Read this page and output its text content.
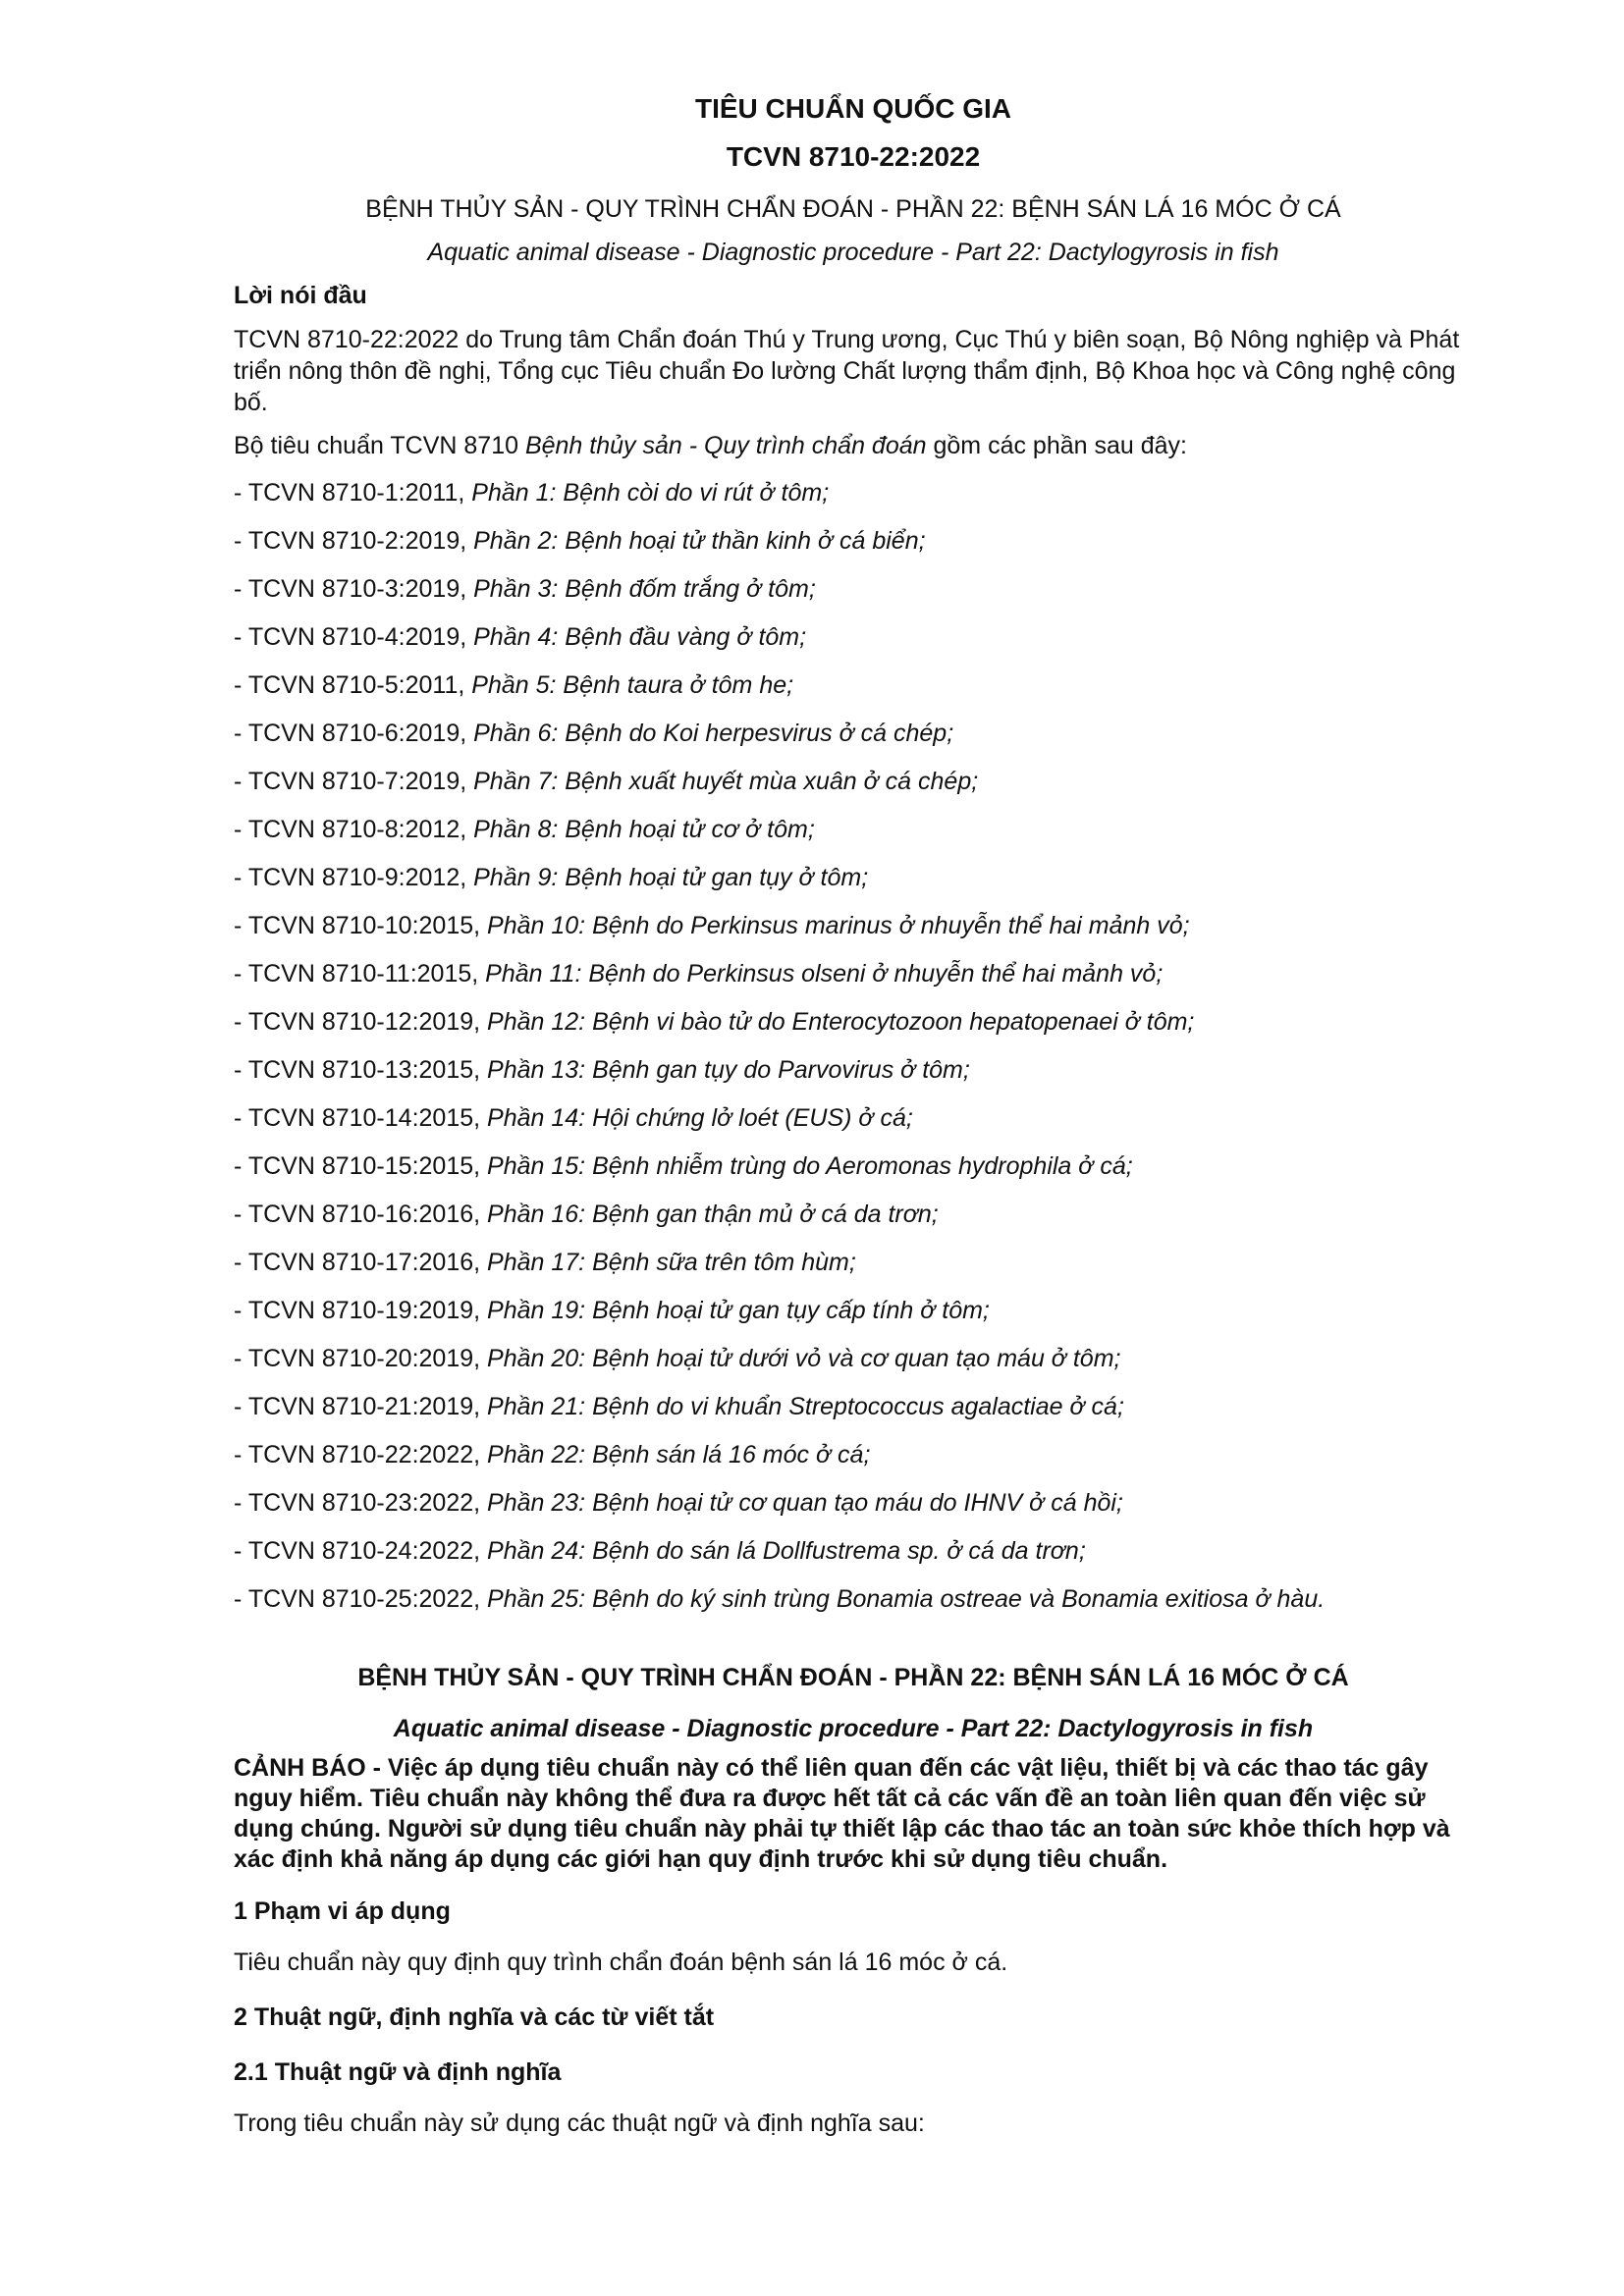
TIÊU CHUẨN QUỐC GIA
TCVN 8710-22:2022
BỆNH THỦY SẢN - QUY TRÌNH CHẨN ĐOÁN - PHẦN 22: BỆNH SÁN LÁ 16 MÓC Ở CÁ
Aquatic animal disease - Diagnostic procedure - Part 22: Dactylogyrosis in fish
Lời nói đầu

TCVN 8710-22:2022 do Trung tâm Chẩn đoán Thú y Trung ương, Cục Thú y biên soạn, Bộ Nông nghiệp và Phát triển nông thôn đề nghị, Tổng cục Tiêu chuẩn Đo lường Chất lượng thẩm định, Bộ Khoa học và Công nghệ công bố.

Bộ tiêu chuẩn TCVN 8710 Bệnh thủy sản - Quy trình chẩn đoán gồm các phần sau đây:

- TCVN 8710-1:2011, Phần 1: Bệnh còi do vi rút ở tôm;
- TCVN 8710-2:2019, Phần 2: Bệnh hoại tử thần kinh ở cá biển;
- TCVN 8710-3:2019, Phần 3: Bệnh đốm trắng ở tôm;
- TCVN 8710-4:2019, Phần 4: Bệnh đầu vàng ở tôm;
- TCVN 8710-5:2011, Phần 5: Bệnh taura ở tôm he;
- TCVN 8710-6:2019, Phần 6: Bệnh do Koi herpesvirus ở cá chép;
- TCVN 8710-7:2019, Phần 7: Bệnh xuất huyết mùa xuân ở cá chép;
- TCVN 8710-8:2012, Phần 8: Bệnh hoại tử cơ ở tôm;
- TCVN 8710-9:2012, Phần 9: Bệnh hoại tử gan tụy ở tôm;
- TCVN 8710-10:2015, Phần 10: Bệnh do Perkinsus marinus ở nhuyễn thể hai mảnh vỏ;
- TCVN 8710-11:2015, Phần 11: Bệnh do Perkinsus olseni ở nhuyễn thể hai mảnh vỏ;
- TCVN 8710-12:2019, Phần 12: Bệnh vi bào tử do Enterocytozoon hepatopenaei ở tôm;
- TCVN 8710-13:2015, Phần 13: Bệnh gan tụy do Parvovirus ở tôm;
- TCVN 8710-14:2015, Phần 14: Hội chứng lở loét (EUS) ở cá;
- TCVN 8710-15:2015, Phần 15: Bệnh nhiễm trùng do Aeromonas hydrophila ở cá;
- TCVN 8710-16:2016, Phần 16: Bệnh gan thận mủ ở cá da trơn;
- TCVN 8710-17:2016, Phần 17: Bệnh sữa trên tôm hùm;
- TCVN 8710-19:2019, Phần 19: Bệnh hoại tử gan tụy cấp tính ở tôm;
- TCVN 8710-20:2019, Phần 20: Bệnh hoại tử dưới vỏ và cơ quan tạo máu ở tôm;
- TCVN 8710-21:2019, Phần 21: Bệnh do vi khuẩn Streptococcus agalactiae ở cá;
- TCVN 8710-22:2022, Phần 22: Bệnh sán lá 16 móc ở cá;
- TCVN 8710-23:2022, Phần 23: Bệnh hoại tử cơ quan tạo máu do IHNV ở cá hồi;
- TCVN 8710-24:2022, Phần 24: Bệnh do sán lá Dollfustrema sp. ở cá da trơn;
- TCVN 8710-25:2022, Phần 25: Bệnh do ký sinh trùng Bonamia ostreae và Bonamia exitiosa ở hàu.
BỆNH THỦY SẢN - QUY TRÌNH CHẨN ĐOÁN - PHẦN 22: BỆNH SÁN LÁ 16 MÓC Ở CÁ
Aquatic animal disease - Diagnostic procedure - Part 22: Dactylogyrosis in fish
CẢNH BÁO - Việc áp dụng tiêu chuẩn này có thể liên quan đến các vật liệu, thiết bị và các thao tác gây nguy hiểm. Tiêu chuẩn này không thể đưa ra được hết tất cả các vấn đề an toàn liên quan đến việc sử dụng chúng. Người sử dụng tiêu chuẩn này phải tự thiết lập các thao tác an toàn sức khỏe thích hợp và xác định khả năng áp dụng các giới hạn quy định trước khi sử dụng tiêu chuẩn.
1 Phạm vi áp dụng
Tiêu chuẩn này quy định quy trình chẩn đoán bệnh sán lá 16 móc ở cá.
2 Thuật ngữ, định nghĩa và các từ viết tắt
2.1 Thuật ngữ và định nghĩa
Trong tiêu chuẩn này sử dụng các thuật ngữ và định nghĩa sau:
